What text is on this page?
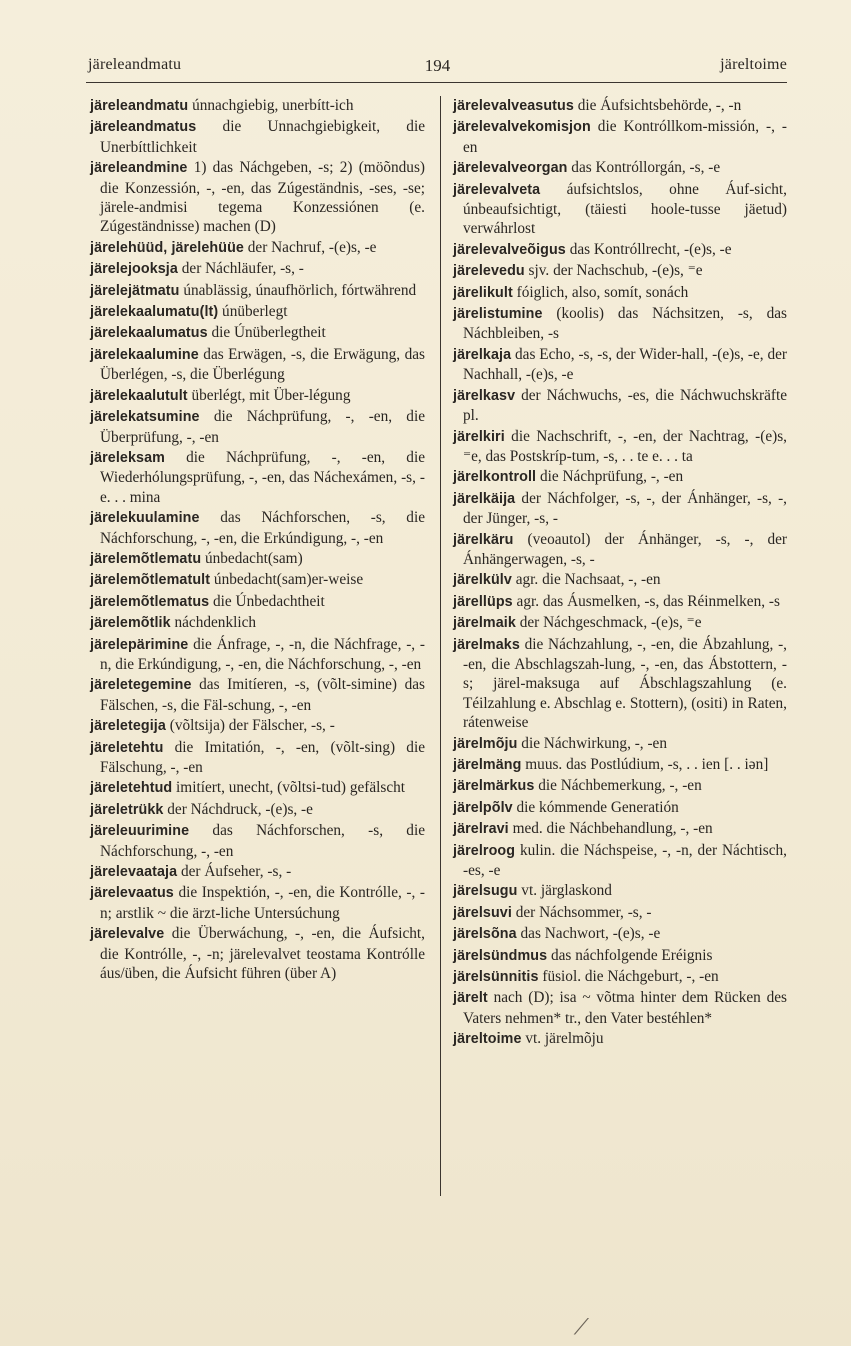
järeleandmatu	194	järeltoime
järeleandmatu únnachgiebig, unerbítt-ich
järeleandmatus die Unnachgiebigkeit, die Unerbíttlichkeit
järeleandmine 1) das Náchgeben, -s; 2) (möõndus) die Konzessión, -, -en, das Zúgeständnis, -ses, -se; järele-andmisi tegema Konzessiónen (e. Zúgeständnisse) machen (D)
järelehüüd, järelehüüe der Nachruf, -(e)s, -e
järelejooksja der Náchläufer, -s, -
järelejätmatu únablässig, únaufhörlich, fórtwährend
järelekaalumatu(lt) únüberlegt
järelekaalumatus die Únüberlegtheit
järelekaalumine das Erwägen, -s, die Erwägung, das Überlégen, -s, die Überlégung
järelekaalutult überlégt, mit Über-légung
järelekatsumine die Náchprüfung, -, -en, die Überprüfung, -, -en
järeleksam die Náchprüfung, -, -en, die Wiederhólungsprüfung, -, -en, das Náchexámen, -s, - e. . . mina
järelekuulamine das Náchforschen, -s, die Náchforschung, -, -en, die Erkúndigung, -, -en
järelemõtlematu únbedacht(sam)
järelemõtlematult únbedacht(sam)er-weise
järelemõtlematus die Únbedachtheit
järelemõtlik náchdenklich
järelepärimine die Ánfrage, -, -n, die Náchfrage, -, -n, die Erkúndigung, -, -en, die Náchforschung, -, -en
järeletegemine das Imitíeren, -s, (võlt-simine) das Fälschen, -s, die Fäl-schung, -, -en
järeletegija (võltsija) der Fälscher, -s, -
järeletehtu die Imitatión, -, -en, (võlt-sing) die Fälschung, -, -en
järeletehtud imitíert, unecht, (võltsi-tud) gefälscht
järeletrükk der Náchdruck, -(e)s, -e
järeleuurimine das Náchforschen, -s, die Náchforschung, -, -en
järelevaataja der Áufseher, -s, -
järelevaatus die Inspektión, -, -en, die Kontrólle, -, -n; arstlik ~ die ärzt-liche Untersúchung
järelevalve die Überwáchung, -, -en, die Áufsicht, die Kontrólle, -, -n; järelevalvet teostama Kontrólle áus/üben, die Áufsicht führen (über A)
järelevalveasutus die Áufsichtsbehörde, -, -n
järelevalvekomisjon die Kontróllkom-missión, -, -en
järelevalveorgan das Kontróllorgán, -s, -e
järelevalveta áufsichtslos, ohne Áuf-sicht, únbeaufsichtigt, (täiesti hoole-tusse jäetud) verwáhrlost
järelevalveõigus das Kontróllrecht, -(e)s, -e
järelevedu sjv. der Nachschub, -(e)s, ⁼e
järelikult fóiglich, also, somít, sonách
järelistumine (koolis) das Náchsitzen, -s, das Náchbleiben, -s
järelkaja das Echo, -s, -s, der Wider-hall, -(e)s, -e, der Nachhall, -(e)s, -e
järelkasv der Náchwuchs, -es, die Náchwuchskräfte pl.
järelkiri die Nachschrift, -, -en, der Nachtrag, -(e)s, ⁼e, das Postskríp-tum, -s, . . te e. . . ta
järelkontroll die Náchprüfung, -, -en
järelkäija der Náchfolger, -s, -, der Ánhänger, -s, -, der Jünger, -s, -
järelkäru (veoautol) der Ánhänger, -s, -, der Ánhängerwagen, -s, -
järelkülv agr. die Nachsaat, -, -en
järellüps agr. das Áusmelken, -s, das Réinmelken, -s
järelmaik der Náchgeschmack, -(e)s, ⁼e
järelmaks die Náchzahlung, -, -en, die Ábzahlung, -, -en, die Abschlagszah-lung, -, -en, das Ábstottern, -s; järel-maksuga auf Ábschlagszahlung (e. Téilzahlung e. Abschlag e. Stottern), (ositi) in Raten, rátenweise
järelmõju die Náchwirkung, -, -en
järelmäng muus. das Postlúdium, -s, . . ien [. . iən]
järelmärkus die Náchbemerkung, -, -en
järelpõlv die kómmende Generatión
järelravi med. die Náchbehandlung, -, -en
järelroog kulin. die Náchspeise, -, -n, der Náchtisch, -es, -e
järelsugu vt. järglaskond
järelsuvi der Náchsommer, -s, -
järelsõna das Nachwort, -(e)s, -e
järelsündmus das náchfolgende Eréignis
järelsünnitis füsiol. die Náchgeburt, -, -en
järelt nach (D); isa ~ võtma hinter dem Rücken des Vaters nehmen* tr., den Vater bestéhlen*
järeltoime vt. järelmõju
⟋
